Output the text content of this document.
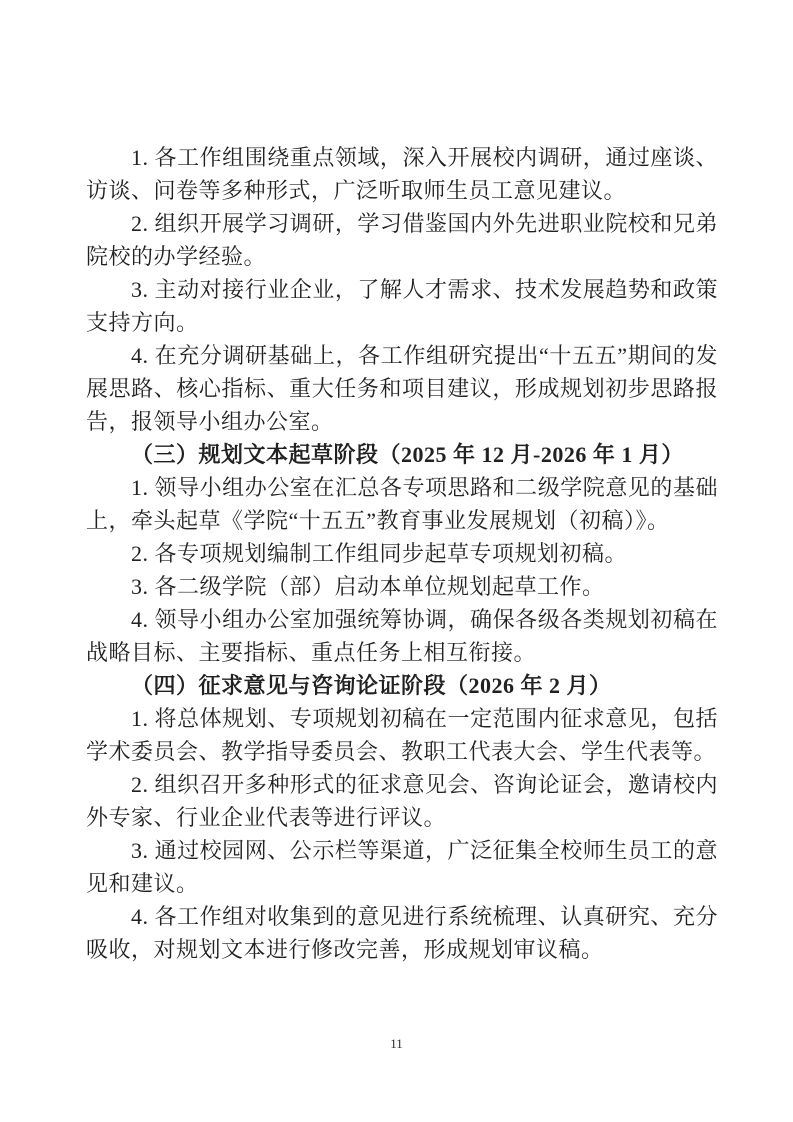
1. 各工作组围绕重点领域，深入开展校内调研，通过座谈、访谈、问卷等多种形式，广泛听取师生员工意见建议。

2. 组织开展学习调研，学习借鉴国内外先进职业院校和兄弟院校的办学经验。

3. 主动对接行业企业，了解人才需求、技术发展趋势和政策支持方向。

4. 在充分调研基础上，各工作组研究提出“十五五”期间的发展思路、核心指标、重大任务和项目建议，形成规划初步思路报告，报领导小组办公室。

（三）规划文本起草阶段（2025 年 12 月-2026 年 1 月）

1. 领导小组办公室在汇总各专项思路和二级学院意见的基础上，牵头起草《学院“十五五”教育事业发展规划（初稿）》。

2. 各专项规划编制工作组同步起草专项规划初稿。

3. 各二级学院（部）启动本单位规划起草工作。

4. 领导小组办公室加强统筹协调，确保各级各类规划初稿在战略目标、主要指标、重点任务上相互衔接。

（四）征求意见与咨询论证阶段（2026 年 2 月）

1. 将总体规划、专项规划初稿在一定范围内征求意见，包括学术委员会、教学指导委员会、教职工代表大会、学生代表等。

2. 组织召开多种形式的征求意见会、咨询论证会，邀请校内外专家、行业企业代表等进行评议。

3. 通过校园网、公示栏等渠道，广泛征集全校师生员工的意见和建议。

4. 各工作组对收集到的意见进行系统梳理、认真研究、充分吸收，对规划文本进行修改完善，形成规划审议稿。

11
